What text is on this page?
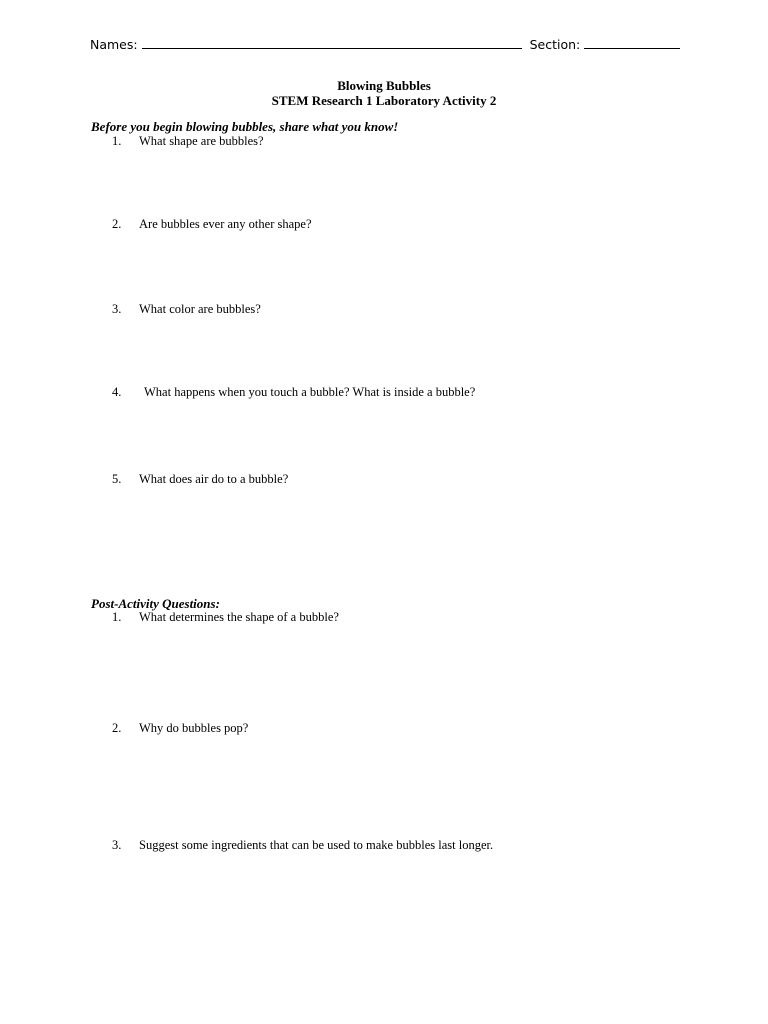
Names:	Section:
Blowing Bubbles
STEM Research 1 Laboratory Activity 2
Before you begin blowing bubbles, share what you know!
1. What shape are bubbles?
2. Are bubbles ever any other shape?
3. What color are bubbles?
4. What happens when you touch a bubble? What is inside a bubble?
5. What does air do to a bubble?
Post-Activity Questions:
1. What determines the shape of a bubble?
2. Why do bubbles pop?
3. Suggest some ingredients that can be used to make bubbles last longer.
